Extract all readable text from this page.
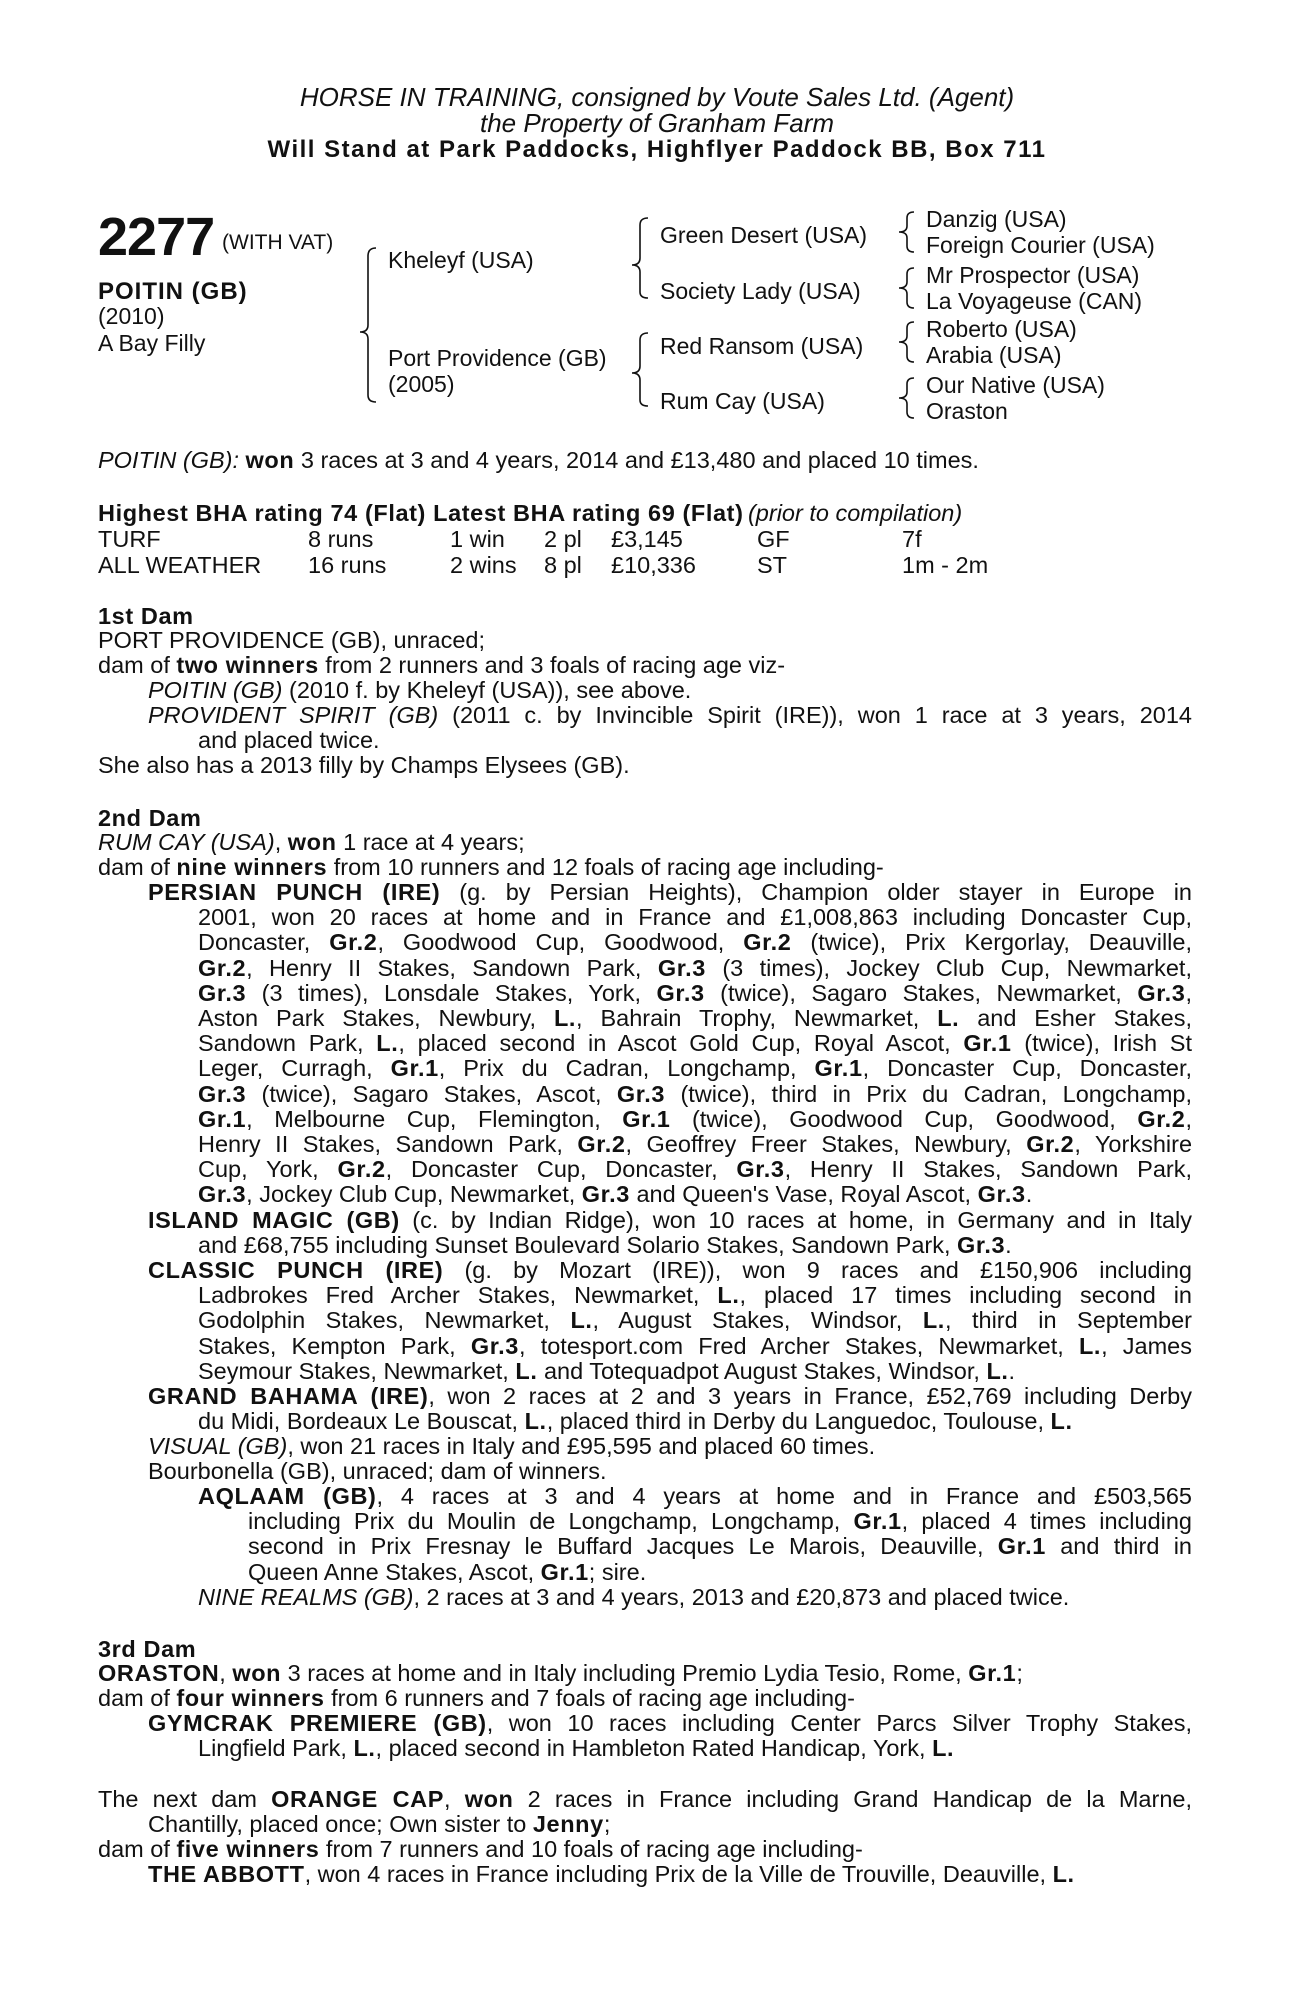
HORSE IN TRAINING, consigned by Voute Sales Ltd. (Agent)
the Property of Granham Farm
Will Stand at Park Paddocks, Highflyer Paddock BB, Box 711
2277 (WITH VAT)
POITIN (GB)
(2010)
A Bay Filly
Kheleyf (USA)
Port Providence (GB)
(2005)
Green Desert (USA)
Society Lady (USA)
Red Ransom (USA)
Rum Cay (USA)
Danzig (USA)
Foreign Courier (USA)
Mr Prospector (USA)
La Voyageuse (CAN)
Roberto (USA)
Arabia (USA)
Our Native (USA)
Oraston
POITIN (GB): won 3 races at 3 and 4 years, 2014 and £13,480 and placed 10 times.
Highest BHA rating 74 (Flat) Latest BHA rating 69 (Flat) (prior to compilation)
TURF	8 runs	1 win 2 pl £3,145	GF	7f
ALL WEATHER 16 runs	2 wins 8 pl £10,336	ST	1m - 2m
1st Dam
PORT PROVIDENCE (GB), unraced;
dam of two winners from 2 runners and 3 foals of racing age viz-
POITIN (GB) (2010 f. by Kheleyf (USA)), see above.
PROVIDENT SPIRIT (GB) (2011 c. by Invincible Spirit (IRE)), won 1 race at 3 years, 2014
and placed twice.
She also has a 2013 filly by Champs Elysees (GB).
2nd Dam
RUM CAY (USA), won 1 race at 4 years;
dam of nine winners from 10 runners and 12 foals of racing age including-
PERSIAN PUNCH (IRE) (g. by Persian Heights), Champion older stayer in Europe in
2001, won 20 races at home and in France and £1,008,863 including Doncaster Cup,
Doncaster, Gr.2, Goodwood Cup, Goodwood, Gr.2 (twice), Prix Kergorlay, Deauville,
Gr.2, Henry II Stakes, Sandown Park, Gr.3 (3 times), Jockey Club Cup, Newmarket,
Gr.3 (3 times), Lonsdale Stakes, York, Gr.3 (twice), Sagaro Stakes, Newmarket, Gr.3,
Aston Park Stakes, Newbury, L., Bahrain Trophy, Newmarket, L. and Esher Stakes,
Sandown Park, L., placed second in Ascot Gold Cup, Royal Ascot, Gr.1 (twice), Irish St
Leger, Curragh, Gr.1, Prix du Cadran, Longchamp, Gr.1, Doncaster Cup, Doncaster,
Gr.3 (twice), Sagaro Stakes, Ascot, Gr.3 (twice), third in Prix du Cadran, Longchamp,
Gr.1, Melbourne Cup, Flemington, Gr.1 (twice), Goodwood Cup, Goodwood, Gr.2,
Henry II Stakes, Sandown Park, Gr.2, Geoffrey Freer Stakes, Newbury, Gr.2, Yorkshire
Cup, York, Gr.2, Doncaster Cup, Doncaster, Gr.3, Henry II Stakes, Sandown Park,
Gr.3, Jockey Club Cup, Newmarket, Gr.3 and Queen's Vase, Royal Ascot, Gr.3.
ISLAND MAGIC (GB) (c. by Indian Ridge), won 10 races at home, in Germany and in Italy
and £68,755 including Sunset Boulevard Solario Stakes, Sandown Park, Gr.3.
CLASSIC PUNCH (IRE) (g. by Mozart (IRE)), won 9 races and £150,906 including
Ladbrokes Fred Archer Stakes, Newmarket, L., placed 17 times including second in
Godolphin Stakes, Newmarket, L., August Stakes, Windsor, L., third in September
Stakes, Kempton Park, Gr.3, totesport.com Fred Archer Stakes, Newmarket, L., James
Seymour Stakes, Newmarket, L. and Totequadpot August Stakes, Windsor, L..
GRAND BAHAMA (IRE), won 2 races at 2 and 3 years in France, £52,769 including Derby
du Midi, Bordeaux Le Bouscat, L., placed third in Derby du Languedoc, Toulouse, L.
VISUAL (GB), won 21 races in Italy and £95,595 and placed 60 times.
Bourbonella (GB), unraced; dam of winners.
AQLAAM (GB), 4 races at 3 and 4 years at home and in France and £503,565
including Prix du Moulin de Longchamp, Longchamp, Gr.1, placed 4 times including
second in Prix Fresnay le Buffard Jacques Le Marois, Deauville, Gr.1 and third in
Queen Anne Stakes, Ascot, Gr.1; sire.
NINE REALMS (GB), 2 races at 3 and 4 years, 2013 and £20,873 and placed twice.
3rd Dam
ORASTON, won 3 races at home and in Italy including Premio Lydia Tesio, Rome, Gr.1;
dam of four winners from 6 runners and 7 foals of racing age including-
GYMCRAK PREMIERE (GB), won 10 races including Center Parcs Silver Trophy Stakes,
Lingfield Park, L., placed second in Hambleton Rated Handicap, York, L.
The next dam ORANGE CAP, won 2 races in France including Grand Handicap de la Marne,
Chantilly, placed once; Own sister to Jenny;
dam of five winners from 7 runners and 10 foals of racing age including-
THE ABBOTT, won 4 races in France including Prix de la Ville de Trouville, Deauville, L.
